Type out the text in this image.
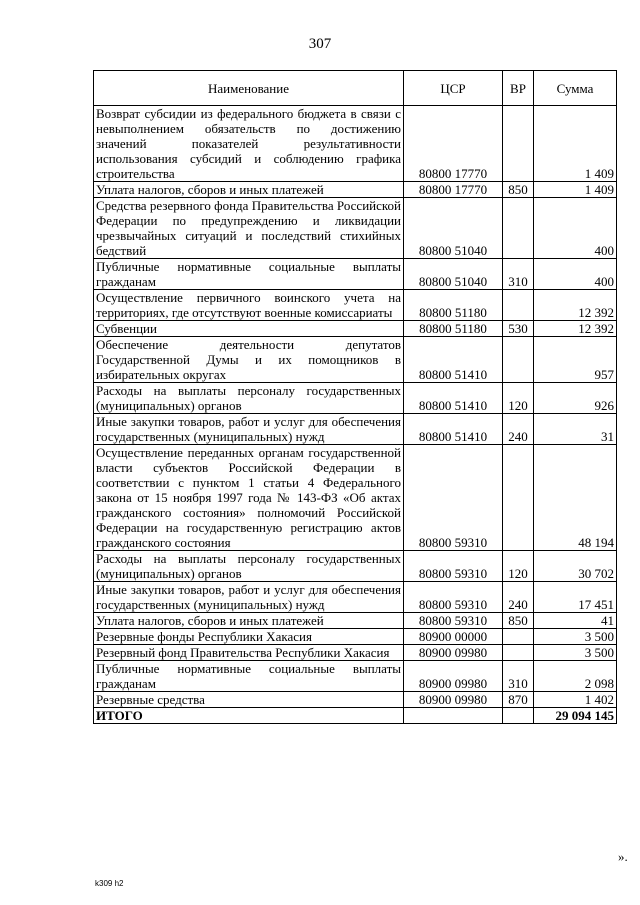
307
Наименование	ЦСР	ВР	Сумма
Возврат субсидии из федерального бюджета в связи с невыполнением обязательств по достижению значений показателей результативности использования субсидий и соблюдению графика строительства	80800 17770		1 409
Уплата налогов, сборов и иных платежей	80800 17770	850	1 409
Средства резервного фонда Правительства Российской Федерации по предупреждению и ликвидации чрезвычайных ситуаций и последствий стихийных бедствий	80800 51040		400
Публичные нормативные социальные выплаты гражданам	80800 51040	310	400
Осуществление первичного воинского учета на территориях, где отсутствуют военные комиссариаты	80800 51180		12 392
Субвенции	80800 51180	530	12 392
Обеспечение деятельности депутатов Государственной Думы и их помощников в избирательных округах	80800 51410		957
Расходы на выплаты персоналу государственных (муниципальных) органов	80800 51410	120	926
Иные закупки товаров, работ и услуг для обеспечения государственных (муниципальных) нужд	80800 51410	240	31
Осуществление переданных органам государственной власти субъектов Российской Федерации в соответствии с пунктом 1 статьи 4 Федерального закона от 15 ноября 1997 года № 143-ФЗ «Об актах гражданского состояния» полномочий Российской Федерации на государственную регистрацию актов гражданского состояния	80800 59310		48 194
Расходы на выплаты персоналу государственных (муниципальных) органов	80800 59310	120	30 702
Иные закупки товаров, работ и услуг для обеспечения государственных (муниципальных) нужд	80800 59310	240	17 451
Уплата налогов, сборов и иных платежей	80800 59310	850	41
Резервные фонды Республики Хакасия	80900 00000		3 500
Резервный фонд Правительства Республики Хакасия	80900 09980		3 500
Публичные нормативные социальные выплаты гражданам	80900 09980	310	2 098
Резервные средства	80900 09980	870	1 402
ИТОГО			29 094 145
».
k309 h2
